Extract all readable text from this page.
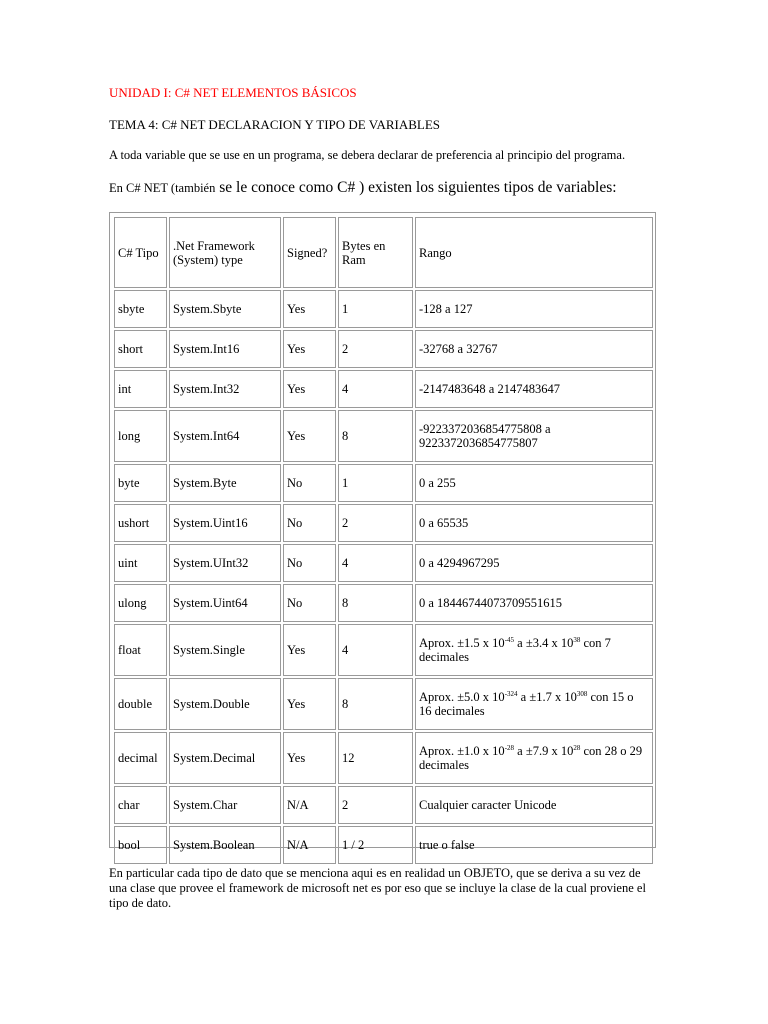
UNIDAD I: C# NET ELEMENTOS BÁSICOS
TEMA 4: C# NET DECLARACION Y TIPO DE VARIABLES
A toda variable que se use en un programa, se debera declarar de preferencia al principio del programa.
En C# NET (también se le conoce como C# ) existen los siguientes tipos de variables:
C# Tipo	.Net Framework (System) type	Signed?	Bytes en Ram	Rango
sbyte	System.Sbyte	Yes	1	-128 a 127
short	System.Int16	Yes	2	-32768 a 32767
int	System.Int32	Yes	4	-2147483648 a 2147483647
long	System.Int64	Yes	8	-9223372036854775808 a 9223372036854775807
byte	System.Byte	No	1	0 a 255
ushort	System.Uint16	No	2	0 a 65535
uint	System.UInt32	No	4	0 a 4294967295
ulong	System.Uint64	No	8	0 a 18446744073709551615
float	System.Single	Yes	4	Aprox. ±1.5 x $10^{-45}$ a ±3.4 x $10^{38}$ con 7 decimales
double	System.Double	Yes	8	Aprox. ±5.0 x $10^{-324}$ a ±1.7 x $10^{308}$ con 15 o 16 decimales
decimal	System.Decimal	Yes	12	Aprox. ±1.0 x $10^{-28}$ a ±7.9 x $10^{28}$ con 28 o 29 decimales
char	System.Char	N/A	2	Cualquier caracter Unicode
bool	System.Boolean	N/A	1 / 2	true o false
En particular cada tipo de dato que se menciona aqui es en realidad un OBJETO, que se deriva a su vez de una clase que provee el framework de microsoft net es por eso que se incluye la clase de la cual proviene el tipo de dato.
